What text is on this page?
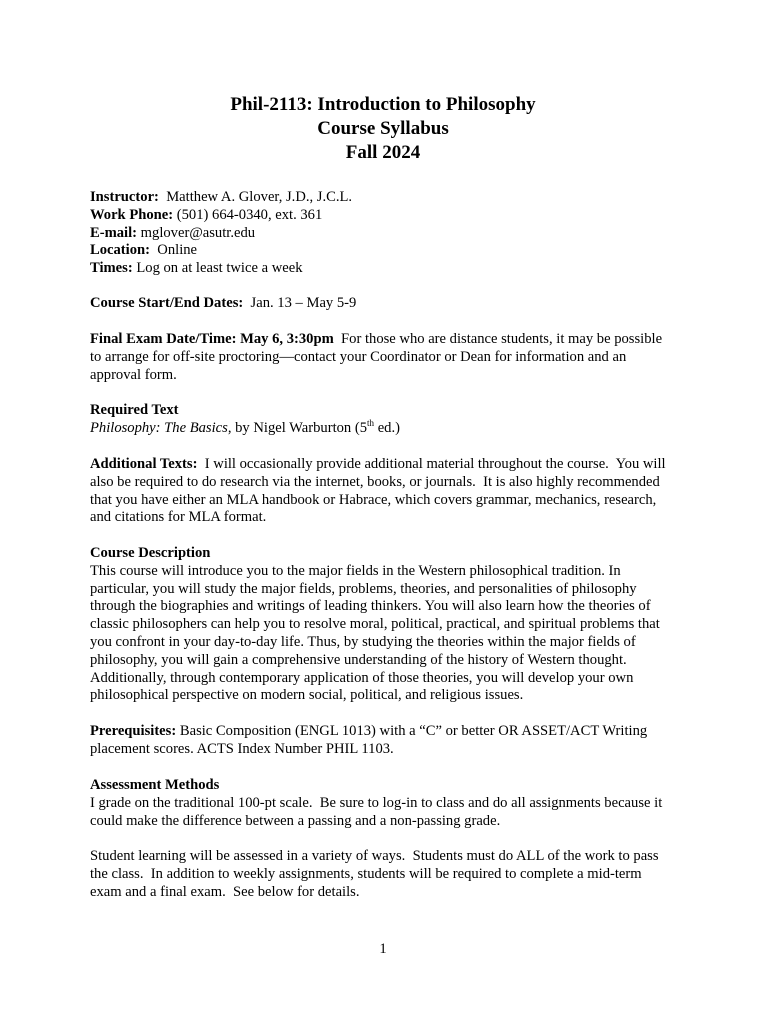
Phil-2113: Introduction to Philosophy
Course Syllabus
Fall 2024

Instructor:  Matthew A. Glover, J.D., J.C.L.

Work Phone: (501) 664-0340, ext. 361

E-mail: mglover@asutr.edu

Location:  Online

Times: Log on at least twice a week

Course Start/End Dates:  Jan. 13 – May 5-9

Final Exam Date/Time: May 6, 3:30pm  For those who are distance students, it may be possible to arrange for off-site proctoring—contact your Coordinator or Dean for information and an approval form.

Required Text

Philosophy: The Basics, by Nigel Warburton (5th ed.)

Additional Texts:  I will occasionally provide additional material throughout the course.  You will also be required to do research via the internet, books, or journals.  It is also highly recommended that you have either an MLA handbook or Habrace, which covers grammar, mechanics, research, and citations for MLA format.

Course Description

This course will introduce you to the major fields in the Western philosophical tradition. In particular, you will study the major fields, problems, theories, and personalities of philosophy through the biographies and writings of leading thinkers. You will also learn how the theories of classic philosophers can help you to resolve moral, political, practical, and spiritual problems that you confront in your day-to-day life. Thus, by studying the theories within the major fields of philosophy, you will gain a comprehensive understanding of the history of Western thought. Additionally, through contemporary application of those theories, you will develop your own philosophical perspective on modern social, political, and religious issues.

Prerequisites: Basic Composition (ENGL 1013) with a “C” or better OR ASSET/ACT Writing placement scores. ACTS Index Number PHIL 1103.

Assessment Methods

I grade on the traditional 100-pt scale.  Be sure to log-in to class and do all assignments because it could make the difference between a passing and a non-passing grade.

Student learning will be assessed in a variety of ways.  Students must do ALL of the work to pass the class.  In addition to weekly assignments, students will be required to complete a mid-term exam and a final exam.  See below for details.

1
